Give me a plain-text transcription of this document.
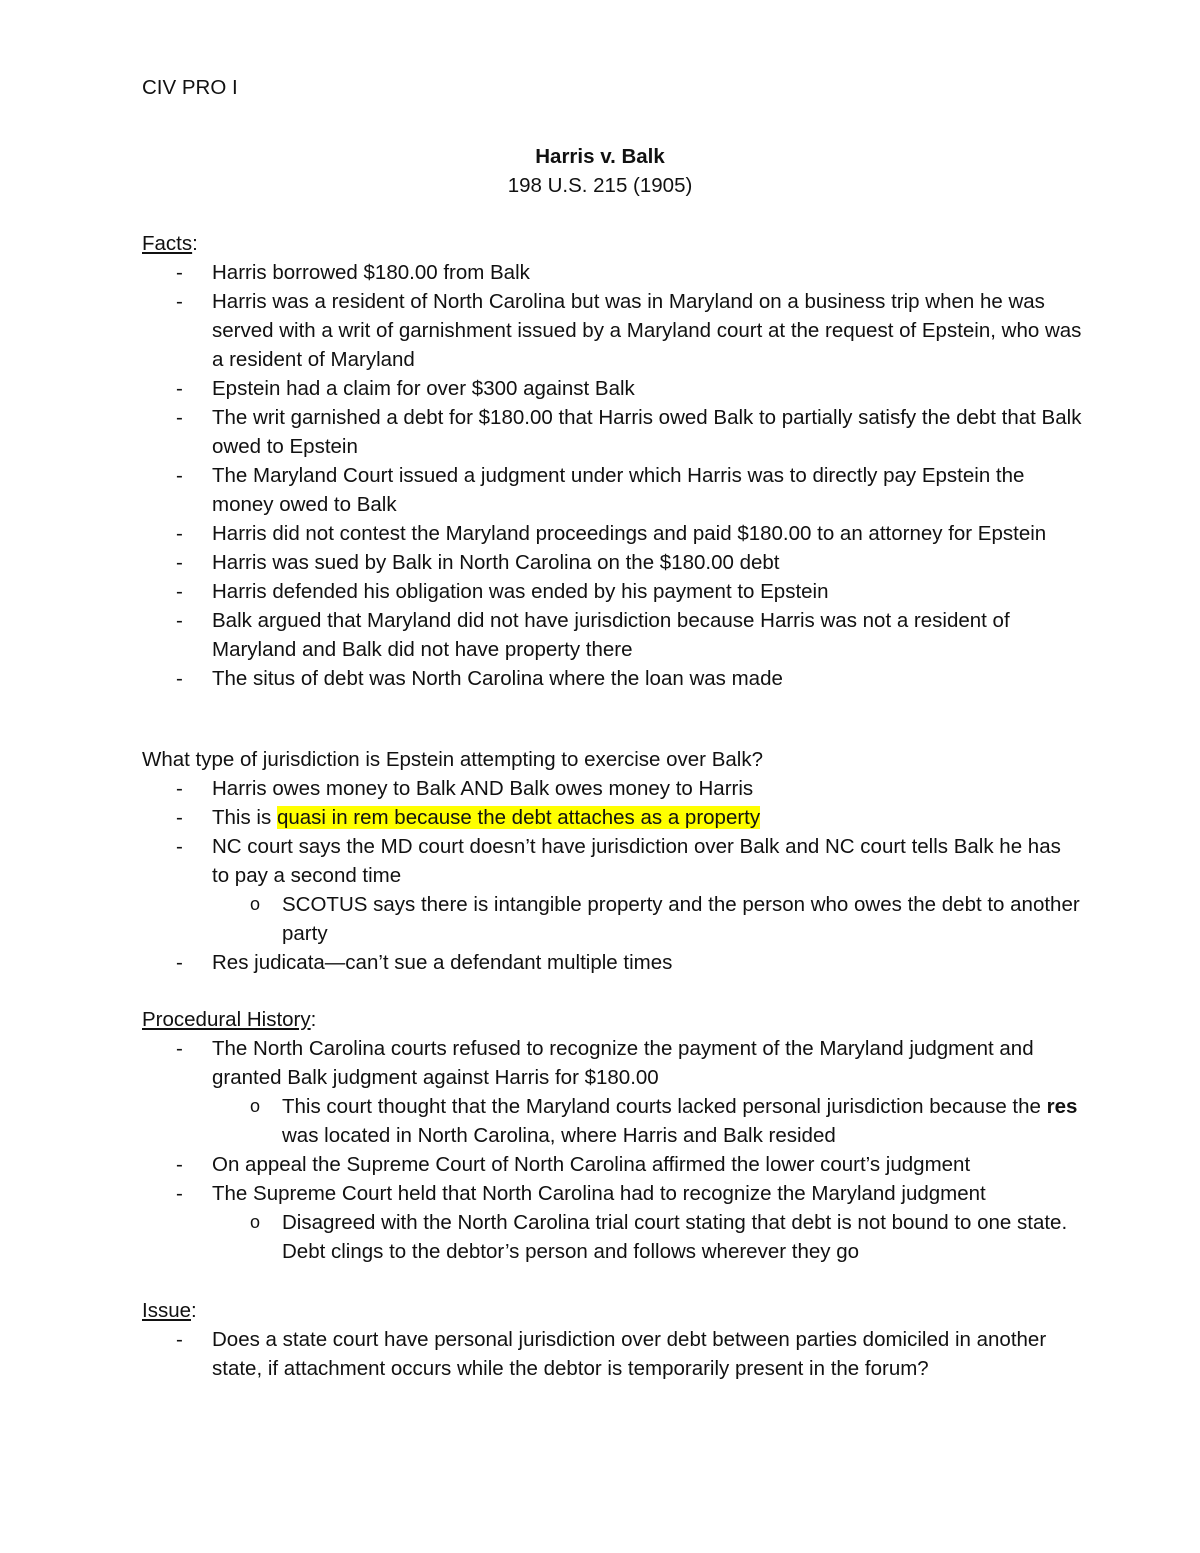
CIV PRO I
Harris v. Balk
198 U.S. 215 (1905)

Facts:

- Harris borrowed $180.00 from Balk
- Harris was a resident of North Carolina but was in Maryland on a business trip when he was served with a writ of garnishment issued by a Maryland court at the request of Epstein, who was a resident of Maryland
- Epstein had a claim for over $300 against Balk
- The writ garnished a debt for $180.00 that Harris owed Balk to partially satisfy the debt that Balk owed to Epstein
- The Maryland Court issued a judgment under which Harris was to directly pay Epstein the money owed to Balk
- Harris did not contest the Maryland proceedings and paid $180.00 to an attorney for Epstein
- Harris was sued by Balk in North Carolina on the $180.00 debt
- Harris defended his obligation was ended by his payment to Epstein
- Balk argued that Maryland did not have jurisdiction because Harris was not a resident of Maryland and Balk did not have property there
- The situs of debt was North Carolina where the loan was made

What type of jurisdiction is Epstein attempting to exercise over Balk?

- Harris owes money to Balk AND Balk owes money to Harris
- This is quasi in rem because the debt attaches as a property
- NC court says the MD court doesn’t have jurisdiction over Balk and NC court tells Balk he has to pay a second time
o SCOTUS says there is intangible property and the person who owes the debt to another party
- Res judicata—can’t sue a defendant multiple times

Procedural History:

- The North Carolina courts refused to recognize the payment of the Maryland judgment and granted Balk judgment against Harris for $180.00
o This court thought that the Maryland courts lacked personal jurisdiction because the res was located in North Carolina, where Harris and Balk resided
- On appeal the Supreme Court of North Carolina affirmed the lower court’s judgment
- The Supreme Court held that North Carolina had to recognize the Maryland judgment
o Disagreed with the North Carolina trial court stating that debt is not bound to one state. Debt clings to the debtor’s person and follows wherever they go

Issue:

- Does a state court have personal jurisdiction over debt between parties domiciled in another state, if attachment occurs while the debtor is temporarily present in the forum?
